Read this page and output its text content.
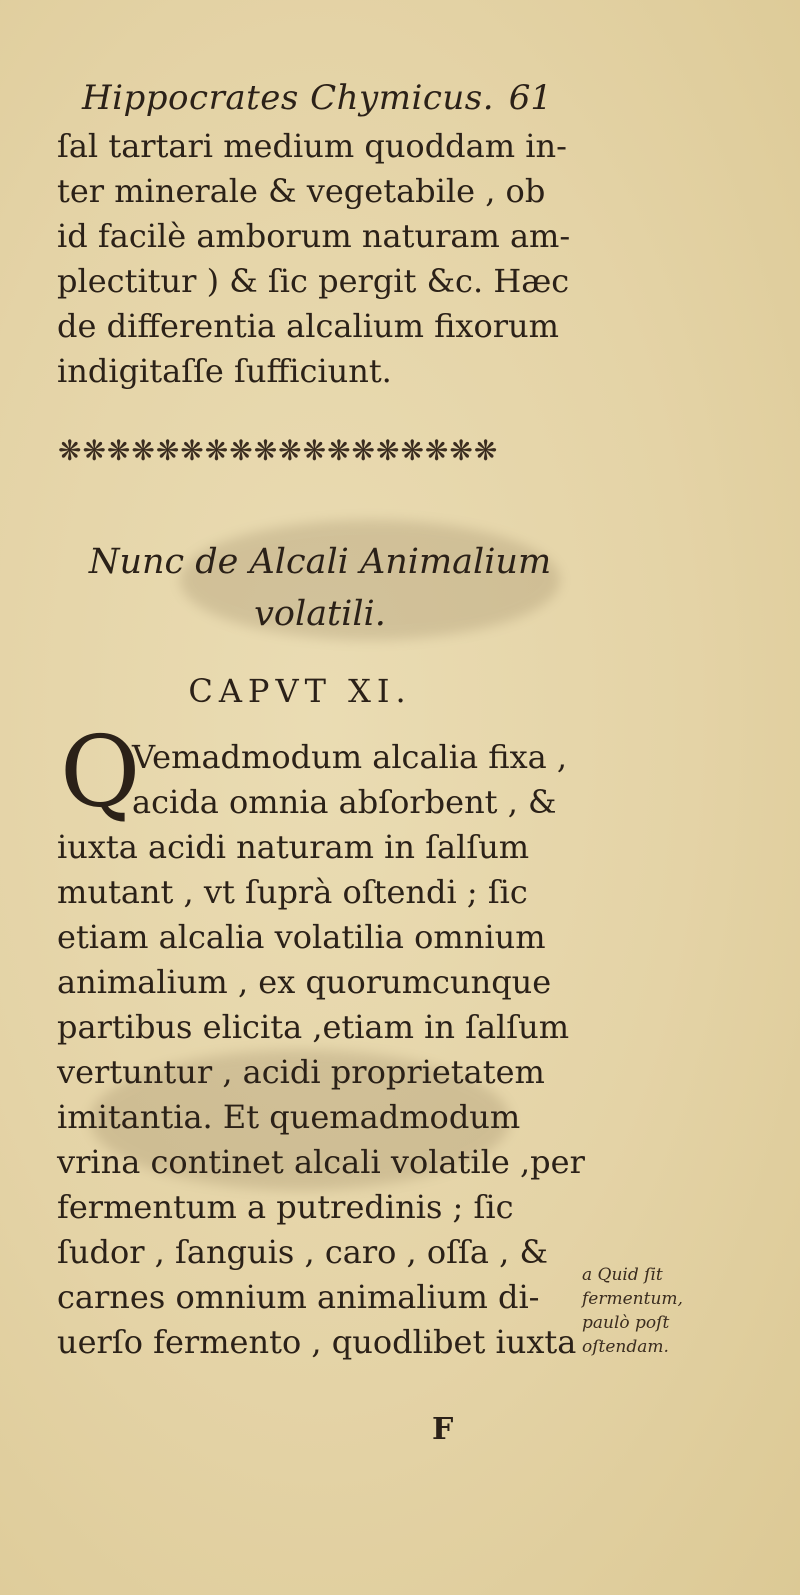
Hippocrates Chymicus. 61
ſal tartari medium quoddam in-
ter minerale & vegetabile , ob
id facilè amborum naturam am-
plectitur ) & ſic pergit &c. Hæc
de differentia alcalium fixorum
indigitaſſe ſufficiunt.
❋❋❋❋❋❋❋❋❋❋❋❋❋❋❋❋❋❋
Nunc de Alcali Animalium
volatili.
CAPVT XI.
Q
Vemadmodum alcalia fixa ,
acida omnia abſorbent , &
iuxta acidi naturam in ſalſum
mutant , vt ſuprà oſtendi ; ſic
etiam alcalia volatilia omnium
animalium , ex quorumcunque
partibus elicita ,etiam in ſalſum
vertuntur , acidi proprietatem
imitantia. Et quemadmodum
vrina continet alcali volatile ,per
fermentum a putredinis ; ſic
ſudor , ſanguis , caro , oſſa , &
carnes omnium animalium di-
uerſo fermento , quodlibet iuxta
a Quid ſit
fermentum,
paulò poſt
oſtendam.
F
